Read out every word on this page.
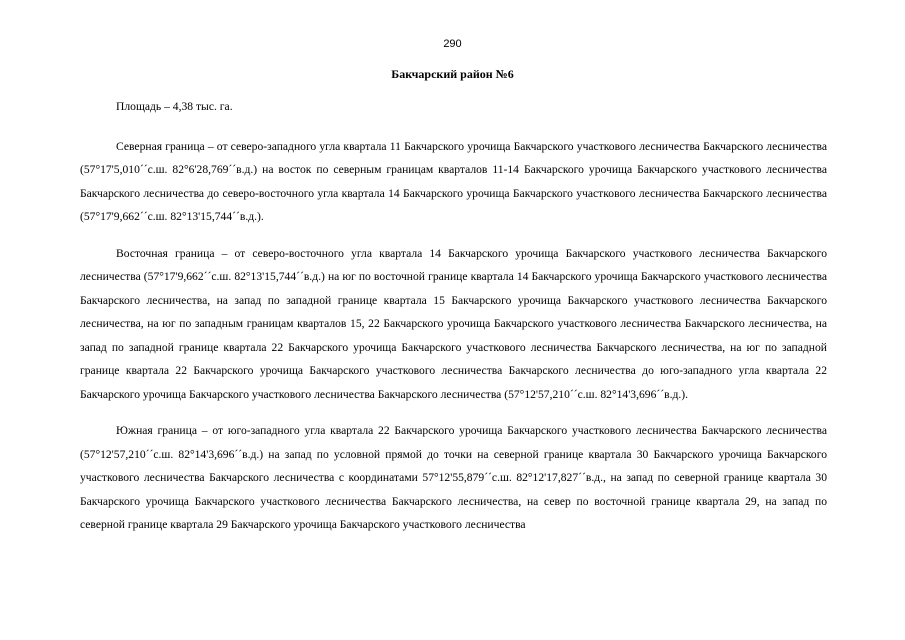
290
Бакчарский район №6

Площадь – 4,38 тыс. га.

Северная граница – от северо-западного угла квартала 11 Бакчарского урочища Бакчарского участкового лесничества Бакчарского лесничества (57°17'5,010´´с.ш. 82°6'28,769´´в.д.) на восток по северным границам кварталов 11-14 Бакчарского урочища Бакчарского участкового лесничества Бакчарского лесничества до северо-восточного угла квартала 14 Бакчарского урочища Бакчарского участкового лесничества Бакчарского лесничества (57°17'9,662´´с.ш. 82°13'15,744´´в.д.).

Восточная граница – от северо-восточного угла квартала 14 Бакчарского урочища Бакчарского участкового лесничества Бакчарского лесничества (57°17'9,662´´с.ш. 82°13'15,744´´в.д.) на юг по восточной границе квартала 14 Бакчарского урочища Бакчарского участкового лесничества Бакчарского лесничества, на запад по западной границе квартала 15 Бакчарского урочища Бакчарского участкового лесничества Бакчарского лесничества, на юг по западным границам кварталов 15, 22 Бакчарского урочища Бакчарского участкового лесничества Бакчарского лесничества, на запад по западной границе квартала 22 Бакчарского урочища Бакчарского участкового лесничества Бакчарского лесничества, на юг по западной границе квартала 22 Бакчарского урочища Бакчарского участкового лесничества Бакчарского лесничества до юго-западного угла квартала 22 Бакчарского урочища Бакчарского участкового лесничества Бакчарского лесничества (57°12'57,210´´с.ш. 82°14'3,696´´в.д.).

Южная граница – от юго-западного угла квартала 22 Бакчарского урочища Бакчарского участкового лесничества Бакчарского лесничества (57°12'57,210´´с.ш. 82°14'3,696´´в.д.) на запад по условной прямой до точки на северной границе квартала 30 Бакчарского урочища Бакчарского участкового лесничества Бакчарского лесничества с координатами 57°12'55,879´´с.ш. 82°12'17,827´´в.д., на запад по северной границе квартала 30 Бакчарского урочища Бакчарского участкового лесничества Бакчарского лесничества, на север по восточной границе квартала 29, на запад по северной границе квартала 29 Бакчарского урочища Бакчарского участкового лесничества
